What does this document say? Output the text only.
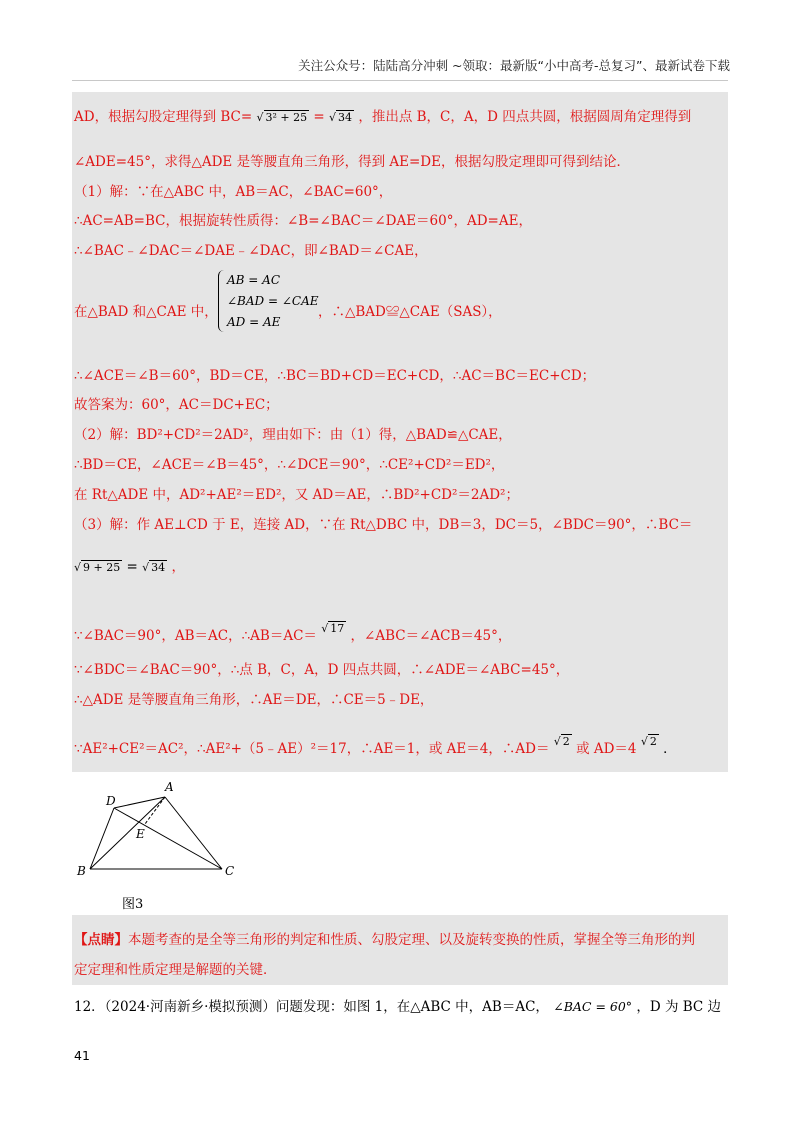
关注公众号：陆陆高分冲刺 ~领取：最新版“小中高考-总复习”、最新试卷下载
AD，根据勾股定理得到 BC= √ 3² + 25 = √ 34 ，推出点 B，C，A，D 四点共圆，根据圆周角定理得到
∠ADE=45°，求得△ADE 是等腰直角三角形，得到 AE=DE，根据勾股定理即可得到结论．
（1）解：∵在△ABC 中，AB＝AC，∠BAC=60°，
∴AC=AB=BC，根据旋转性质得：∠B=∠BAC＝∠DAE＝60°，AD=AE，
∴∠BAC﹣∠DAC＝∠DAE﹣∠DAC，即∠BAD＝∠CAE，
在△BAD 和△CAE 中，
AB = AC
∠BAD = ∠CAE
AD = AE
，∴△BAD≌△CAE（SAS），
∴∠ACE＝∠B＝60°，BD＝CE，∴BC＝BD+CD＝EC+CD，∴AC＝BC＝EC+CD；
故答案为：60°，AC＝DC+EC；
（2）解：BD²+CD²＝2AD²，理由如下：由（1）得，△BAD≌△CAE，
∴BD＝CE，∠ACE＝∠B＝45°，∴∠DCE＝90°，∴CE²+CD²＝ED²，
在 Rt△ADE 中，AD²+AE²＝ED²，又 AD＝AE，∴BD²+CD²＝2AD²；
（3）解：作 AE⊥CD 于 E，连接 AD，∵在 Rt△DBC 中，DB＝3，DC＝5，∠BDC＝90°，∴BC＝
√ 9 + 25 = √ 34 ，
∵∠BAC＝90°，AB＝AC，∴AB＝AC＝ √ 17 ，∠ABC＝∠ACB＝45°，
∵∠BDC＝∠BAC＝90°，∴点 B，C，A，D 四点共圆，∴∠ADE＝∠ABC=45°，
∴△ADE 是等腰直角三角形，∴AE＝DE，∴CE＝5﹣DE，
∵AE²+CE²＝AC²，∴AE²+（5﹣AE）²＝17，∴AE＝1，或 AE＝4，∴AD＝ √ 2 或 AD＝4 √ 2 ．
A
D
E
B	C
图3
【点睛】本题考查的是全等三角形的判定和性质、勾股定理、以及旋转变换的性质，掌握全等三角形的判
定定理和性质定理是解题的关键．
12．（2024·河南新乡·模拟预测）问题发现：如图 1，在△ABC 中，AB＝AC， ∠BAC = 60° ，D 为 BC 边
41
